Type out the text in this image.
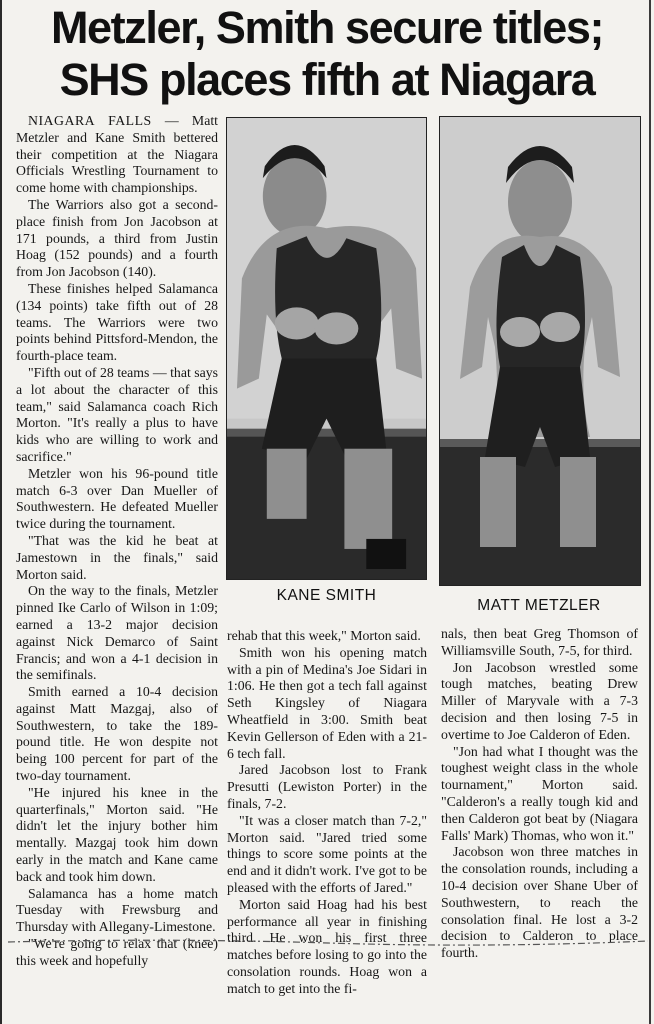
Metzler, Smith secure titles; SHS places fifth at Niagara

NIAGARA FALLS — Matt Metzler and Kane Smith bettered their competition at the Niagara Officials Wrestling Tournament to come home with championships.

The Warriors also got a second-place finish from Jon Jacobson at 171 pounds, a third from Justin Hoag (152 pounds) and a fourth from Jon Jacobson (140).

These finishes helped Salamanca (134 points) take fifth out of 28 teams. The Warriors were two points behind Pittsford-Mendon, the fourth-place team.

"Fifth out of 28 teams — that says a lot about the character of this team," said Salamanca coach Rich Morton. "It's really a plus to have kids who are willing to work and sacrifice."

Metzler won his 96-pound title match 6-3 over Dan Mueller of Southwestern. He defeated Mueller twice during the tournament.

"That was the kid he beat at Jamestown in the finals," said Morton said.

On the way to the finals, Metzler pinned Ike Carlo of Wilson in 1:09; earned a 13-2 major decision against Nick Demarco of Saint Francis; and won a 4-1 decision in the semifinals.

Smith earned a 10-4 decision against Matt Mazgaj, also of Southwestern, to take the 189-pound title. He won despite not being 100 percent for part of the two-day tournament.

"He injured his knee in the quarterfinals," Morton said. "He didn't let the injury bother him mentally. Mazgaj took him down early in the match and Kane came back and took him down.

Salamanca has a home match Tuesday with Frewsburg and Thursday with Allegany-Limestone.

"We're going to relax that (knee) this week and hopefully

rehab that this week," Morton said.

Smith won his opening match with a pin of Medina's Joe Sidari in 1:06. He then got a tech fall against Seth Kingsley of Niagara Wheatfield in 3:00. Smith beat Kevin Gellerson of Eden with a 21-6 tech fall.

Jared Jacobson lost to Frank Presutti (Lewiston Porter) in the finals, 7-2.

"It was a closer match than 7-2," Morton said. "Jared tried some things to score some points at the end and it didn't work. I've got to be pleased with the efforts of Jared."

Morton said Hoag had his best performance all year in finishing third. He won his first three matches before losing to go into the consolation rounds. Hoag won a match to get into the fi-

nals, then beat Greg Thomson of Williamsville South, 7-5, for third.

Jon Jacobson wrestled some tough matches, beating Drew Miller of Maryvale with a 7-3 decision and then losing 7-5 in overtime to Joe Calderon of Eden.

"Jon had what I thought was the toughest weight class in the whole tournament," Morton said. "Calderon's a really tough kid and then Calderon got beat by (Niagara Falls' Mark) Thomas, who won it."

Jacobson won three matches in the consolation rounds, including a 10-4 decision over Shane Uber of Southwestern, to reach the consolation final. He lost a 3-2 decision to Calderon to place fourth.

KANE SMITH
MATT METZLER
